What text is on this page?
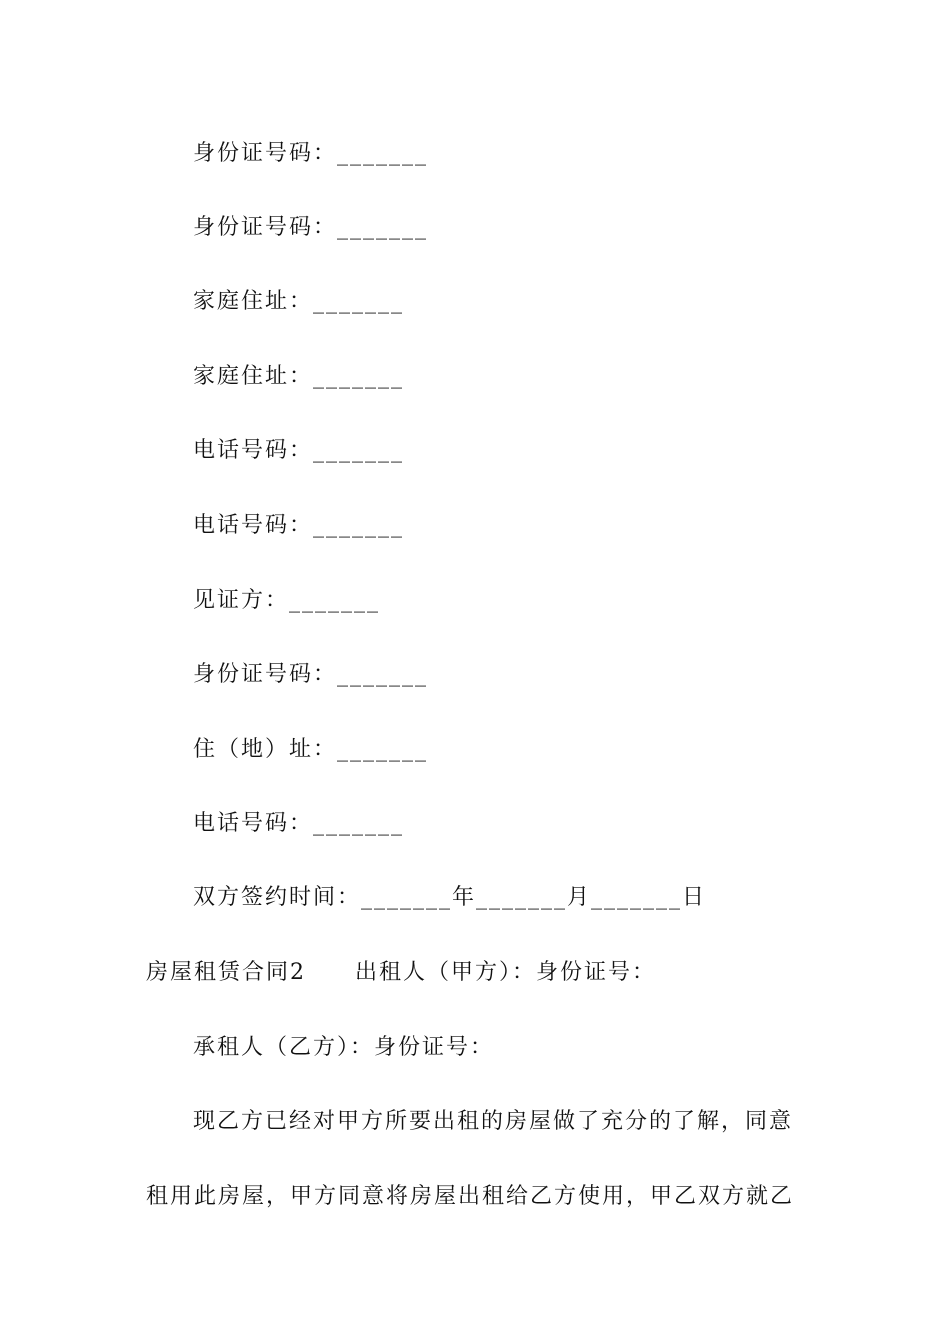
身份证号码：_______
身份证号码：_______
家庭住址：_______
家庭住址：_______
电话号码：_______
电话号码：_______
见证方：_______
身份证号码：_______
住（地）址：_______
电话号码：_______
双方签约时间：_______年_______月_______日
房屋租赁合同2 出租人（甲方）：身份证号：
承租人（乙方）：身份证号：
现乙方已经对甲方所要出租的房屋做了充分的了解，同意
租用此房屋，甲方同意将房屋出租给乙方使用，甲乙双方就乙
